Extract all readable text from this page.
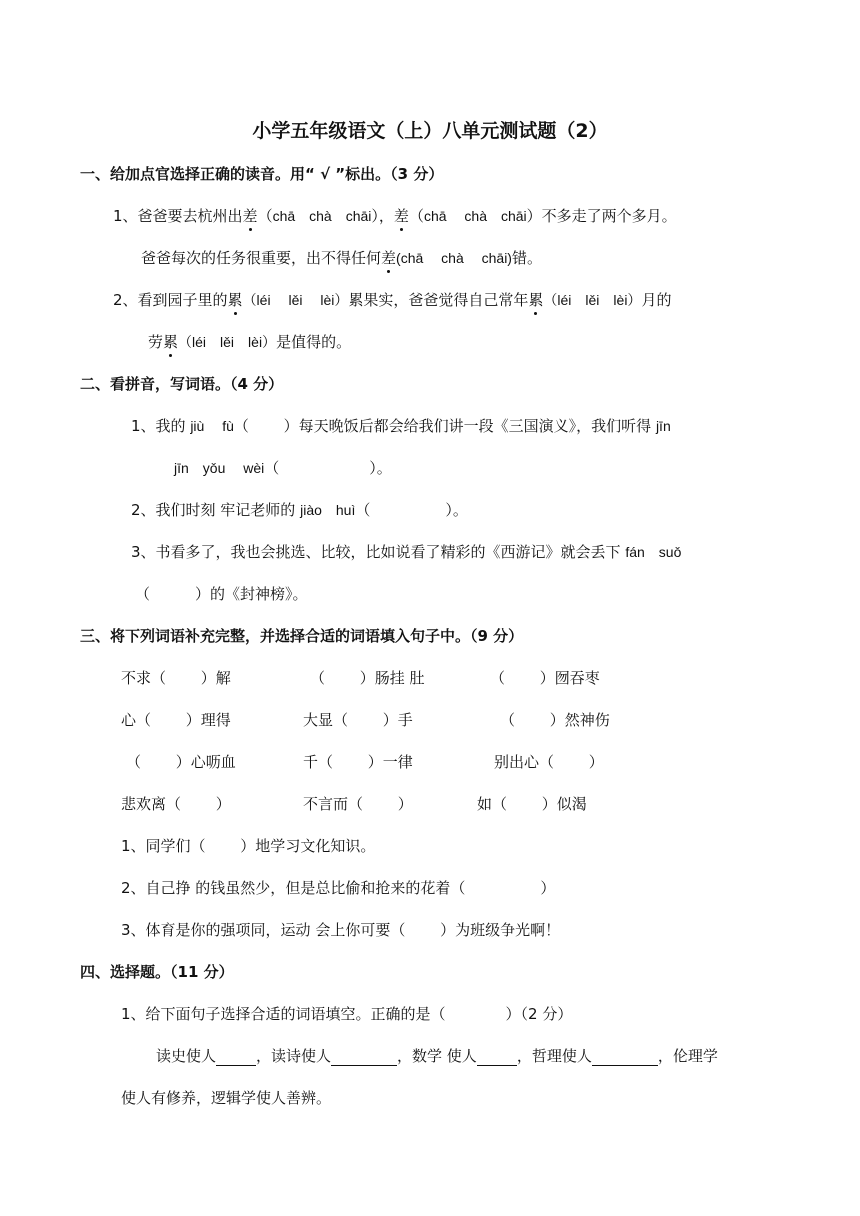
小学五年级语文（上）八单元测试题（2）
一、给加点官选择正确的读音。用“ √ ”标出。（3 分）
1、爸爸要去杭州出差（chā　chà　chāi），差（chā　 chà　chāi）不多走了两个多月。
爸爸每次的任务很重要，出不得任何差(chā　 chà　 chāi)错。
2、看到园子里的累（léi　 lěi　 lèi）累果实，爸爸觉得自己常年累（léi　lěi　lèi）月的
劳累（léi　lěi　lèi）是值得的。
二、看拼音，写词语。（4 分）
1、我的 jiù　 fù（　　 ）每天晚饭后都会给我们讲一段《三国演义》，我们听得 jīn
jīn　yǒu　 wèi（　　　　　　）。
2、我们时刻 牢记老师的 jiào　huì（　　　　　）。
3、书看多了，我也会挑选、比较，比如说看了精彩的《西游记》就会丢下 fán　suǒ
（　　　）的《封神榜》。
三、将下列词语补充完整，并选择合适的词语填入句子中。（9 分）
不求（　　 ）解	（　　 ）肠挂 肚	（　　 ）囫吞枣
心（　　 ）理得	大显（　　 ）手	（　　 ）然神伤
（　　 ）心呖血	千（　　 ）一律	别出心（　　 ）
悲欢离（　　 ）	不言而（　　 ）	如（　　 ）似渴
1、同学们（　　 ）地学习文化知识。
2、自己挣 的钱虽然少，但是总比偷和抢来的花着（　　　　　）
3、体育是你的强项同，运动 会上你可要（　　 ）为班级争光啊！
四、选择题。（11 分）
1、给下面句子选择合适的词语填空。正确的是（　　　　）（2 分）
读史使人	，读诗使人	，数学 使人	，哲理使人	，伦理学
使人有修养，逻辑学使人善辨。
